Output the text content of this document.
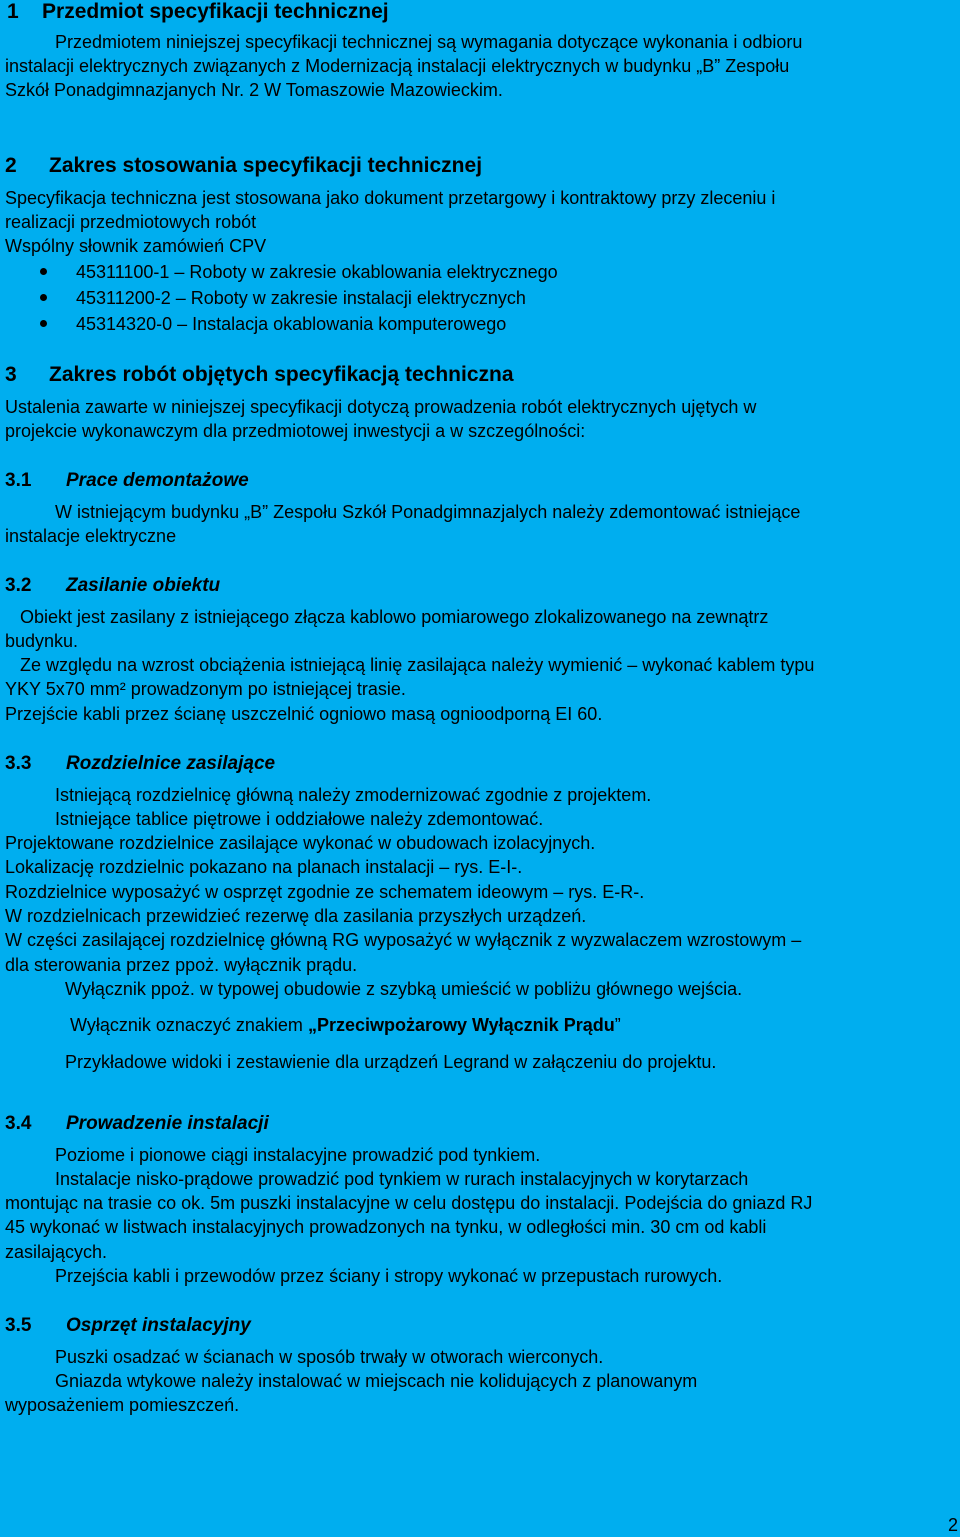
1    Przedmiot specyfikacji technicznej
Przedmiotem niniejszej specyfikacji technicznej są wymagania dotyczące wykonania i odbioru
instalacji elektrycznych związanych z Modernizacją instalacji elektrycznych w budynku „B” Zespołu
Szkół Ponadgimnazjanych Nr. 2 W Tomaszowie Mazowieckim.
2 Zakres stosowania specyfikacji technicznej
Specyfikacja techniczna jest stosowana jako dokument przetargowy i kontraktowy przy zleceniu i
realizacji przedmiotowych robót
Wspólny słownik zamówień CPV
45311100-1 – Roboty w zakresie okablowania elektrycznego
45311200-2 – Roboty w zakresie instalacji elektrycznych
45314320-0 – Instalacja okablowania komputerowego
3 Zakres robót objętych specyfikacją techniczna
Ustalenia zawarte w niniejszej specyfikacji dotyczą prowadzenia robót elektrycznych ujętych w
projekcie wykonawczym dla przedmiotowej inwestycji a w szczególności:
3.1 Prace demontażowe
W istniejącym budynku „B” Zespołu Szkół Ponadgimnazjalych należy zdemontować istniejące
instalacje elektryczne
3.2 Zasilanie obiektu
Obiekt jest zasilany z istniejącego złącza kablowo pomiarowego zlokalizowanego na zewnątrz
budynku.
Ze względu na wzrost obciążenia istniejącą linię zasilająca należy wymienić – wykonać kablem typu
YKY 5x70 mm² prowadzonym po istniejącej trasie.
Przejście kabli przez ścianę uszczelnić ogniowo masą ognioodporną EI 60.
3.3 Rozdzielnice zasilające
Istniejącą rozdzielnicę główną należy zmodernizować zgodnie z projektem.
Istniejące tablice piętrowe i oddziałowe należy zdemontować.
Projektowane rozdzielnice zasilające wykonać w obudowach izolacyjnych.
Lokalizację rozdzielnic pokazano na planach instalacji – rys. E-I-.
Rozdzielnice wyposażyć w osprzęt zgodnie ze schematem ideowym – rys. E-R-.
W rozdzielnicach przewidzieć rezerwę dla zasilania przyszłych urządzeń.
W części zasilającej rozdzielnicę główną RG wyposażyć w wyłącznik z wyzwalaczem wzrostowym –
dla sterowania przez ppoż. wyłącznik prądu.
Wyłącznik ppoż. w typowej obudowie z szybką umieścić w pobliżu głównego wejścia.
Wyłącznik oznaczyć znakiem „Przeciwpożarowy Wyłącznik Prądu”
Przykładowe widoki i zestawienie dla urządzeń Legrand w załączeniu do projektu.
3.4 Prowadzenie instalacji
Poziome i pionowe ciągi instalacyjne prowadzić pod tynkiem.
Instalacje nisko-prądowe prowadzić pod tynkiem w rurach instalacyjnych w korytarzach
montując na trasie co ok. 5m puszki instalacyjne w celu dostępu do instalacji. Podejścia do gniazd RJ
45 wykonać w listwach instalacyjnych prowadzonych na tynku, w odległości min. 30 cm od kabli
zasilających.
Przejścia kabli i przewodów przez ściany i stropy wykonać w przepustach rurowych.
3.5 Osprzęt instalacyjny
Puszki osadzać w ścianach w sposób trwały w otworach wierconych.
Gniazda wtykowe należy instalować w miejscach nie kolidujących z planowanym
wyposażeniem pomieszczeń.
2
